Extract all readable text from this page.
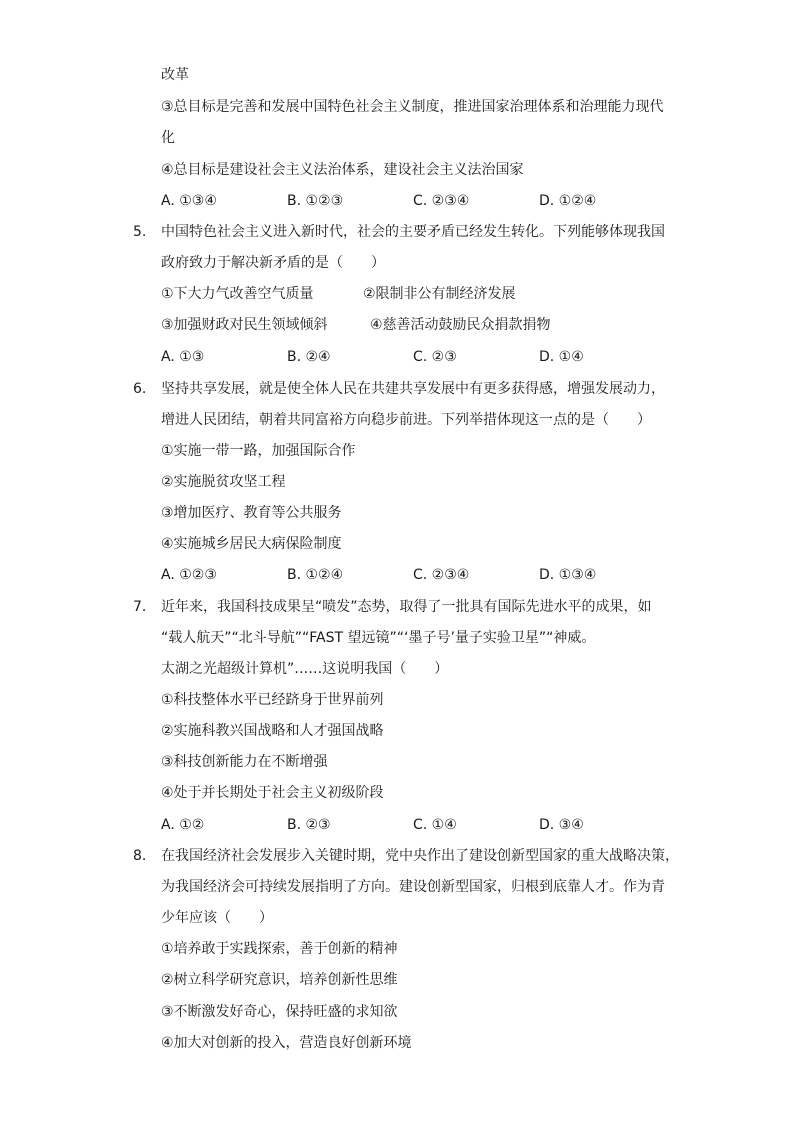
改革
③总目标是完善和发展中国特色社会主义制度，推进国家治理体系和治理能力现代
化
④总目标是建设社会主义法治体系，建设社会主义法治国家
A. ①③④	B. ①②③	C. ②③④	D. ①②④
5. 中国特色社会主义进入新时代，社会的主要矛盾已经发生转化。下列能够体现我国
政府致力于解决新矛盾的是（　　）
①下大力气改善空气质量	②限制非公有制经济发展
③加强财政对民生领域倾斜	④慈善活动鼓励民众捐款捐物
A. ①③	B. ②④	C. ②③	D. ①④
6. 坚持共享发展，就是使全体人民在共建共享发展中有更多获得感，增强发展动力，
增进人民团结，朝着共同富裕方向稳步前进。下列举措体现这一点的是（　　）
①实施一带一路，加强国际合作
②实施脱贫攻坚工程
③增加医疗、教育等公共服务
④实施城乡居民大病保险制度
A. ①②③	B. ①②④	C. ②③④	D. ①③④
7. 近年来，我国科技成果呈“喷发”态势，取得了一批具有国际先进水平的成果，如
“载人航天”“北斗导航”“FAST 望远镜”“‘墨子号’量子实验卫星”“神威。
太湖之光超级计算机”……这说明我国（　　）
①科技整体水平已经跻身于世界前列
②实施科教兴国战略和人才强国战略
③科技创新能力在不断增强
④处于并长期处于社会主义初级阶段
A. ①②	B. ②③	C. ①④	D. ③④
8. 在我国经济社会发展步入关键时期，党中央作出了建设创新型国家的重大战略决策，
为我国经济会可持续发展指明了方向。建设创新型国家，归根到底靠人才。作为青
少年应该（　　）
①培养敢于实践探索，善于创新的精神
②树立科学研究意识，培养创新性思维
③不断激发好奇心，保持旺盛的求知欲
④加大对创新的投入，营造良好创新环境
